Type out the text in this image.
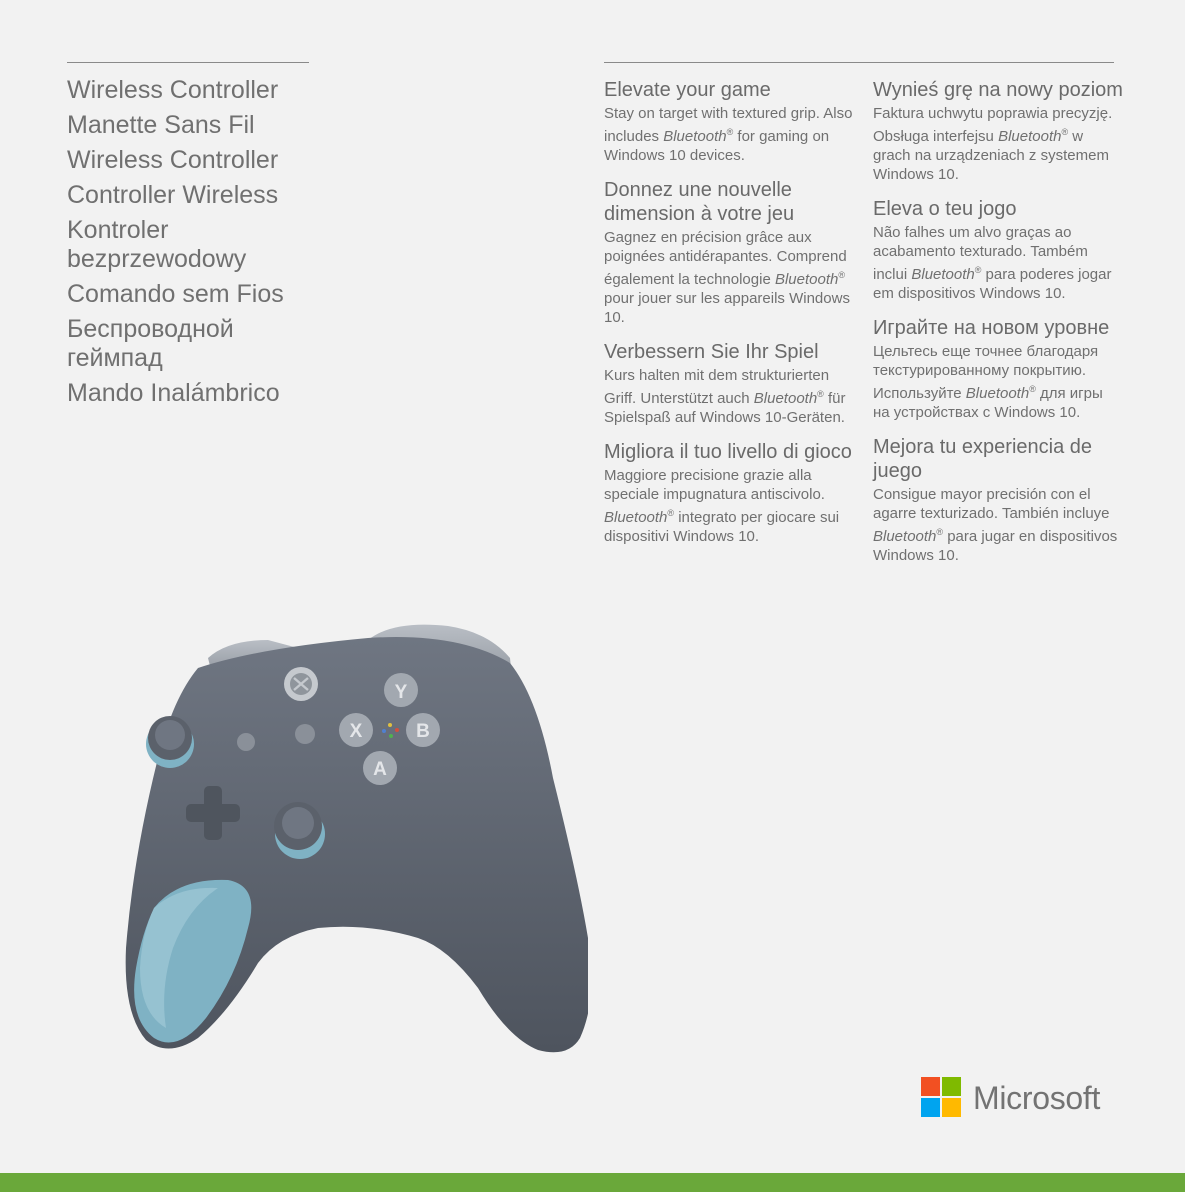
Wireless Controller
Manette Sans Fil
Wireless Controller
Controller Wireless
Kontroler bezprzewodowy
Comando sem Fios
Беспроводной геймпад
Mando Inalámbrico
Elevate your game

Stay on target with textured grip. Also includes Bluetooth® for gaming on Windows 10 devices.

Donnez une nouvelle dimension à votre jeu

Gagnez en précision grâce aux poignées antidérapantes. Comprend également la technologie Bluetooth® pour jouer sur les appareils Windows 10.

Verbessern Sie Ihr Spiel

Kurs halten mit dem strukturierten Griff. Unterstützt auch Bluetooth® für Spielspaß auf Windows 10-Geräten.

Migliora il tuo livello di gioco

Maggiore precisione grazie alla speciale impugnatura antiscivolo. Bluetooth® integrato per giocare sui dispositivi Windows 10.

Wynieś grę na nowy poziom

Faktura uchwytu poprawia precyzję. Obsługa interfejsu Bluetooth® w grach na urządzeniach z systemem Windows 10.

Eleva o teu jogo

Não falhes um alvo graças ao acabamento texturado. Também inclui Bluetooth® para poderes jogar em dispositivos Windows 10.

Играйте на новом уровне

Цельтесь еще точнее благодаря текстурированному покрытию. Используйте Bluetooth® для игры на устройствах с Windows 10.

Mejora tu experiencia de juego

Consigue mayor precisión con el agarre texturizado. También incluye Bluetooth® para jugar en dispositivos Windows 10.

Y
X	B
A
Microsoft
